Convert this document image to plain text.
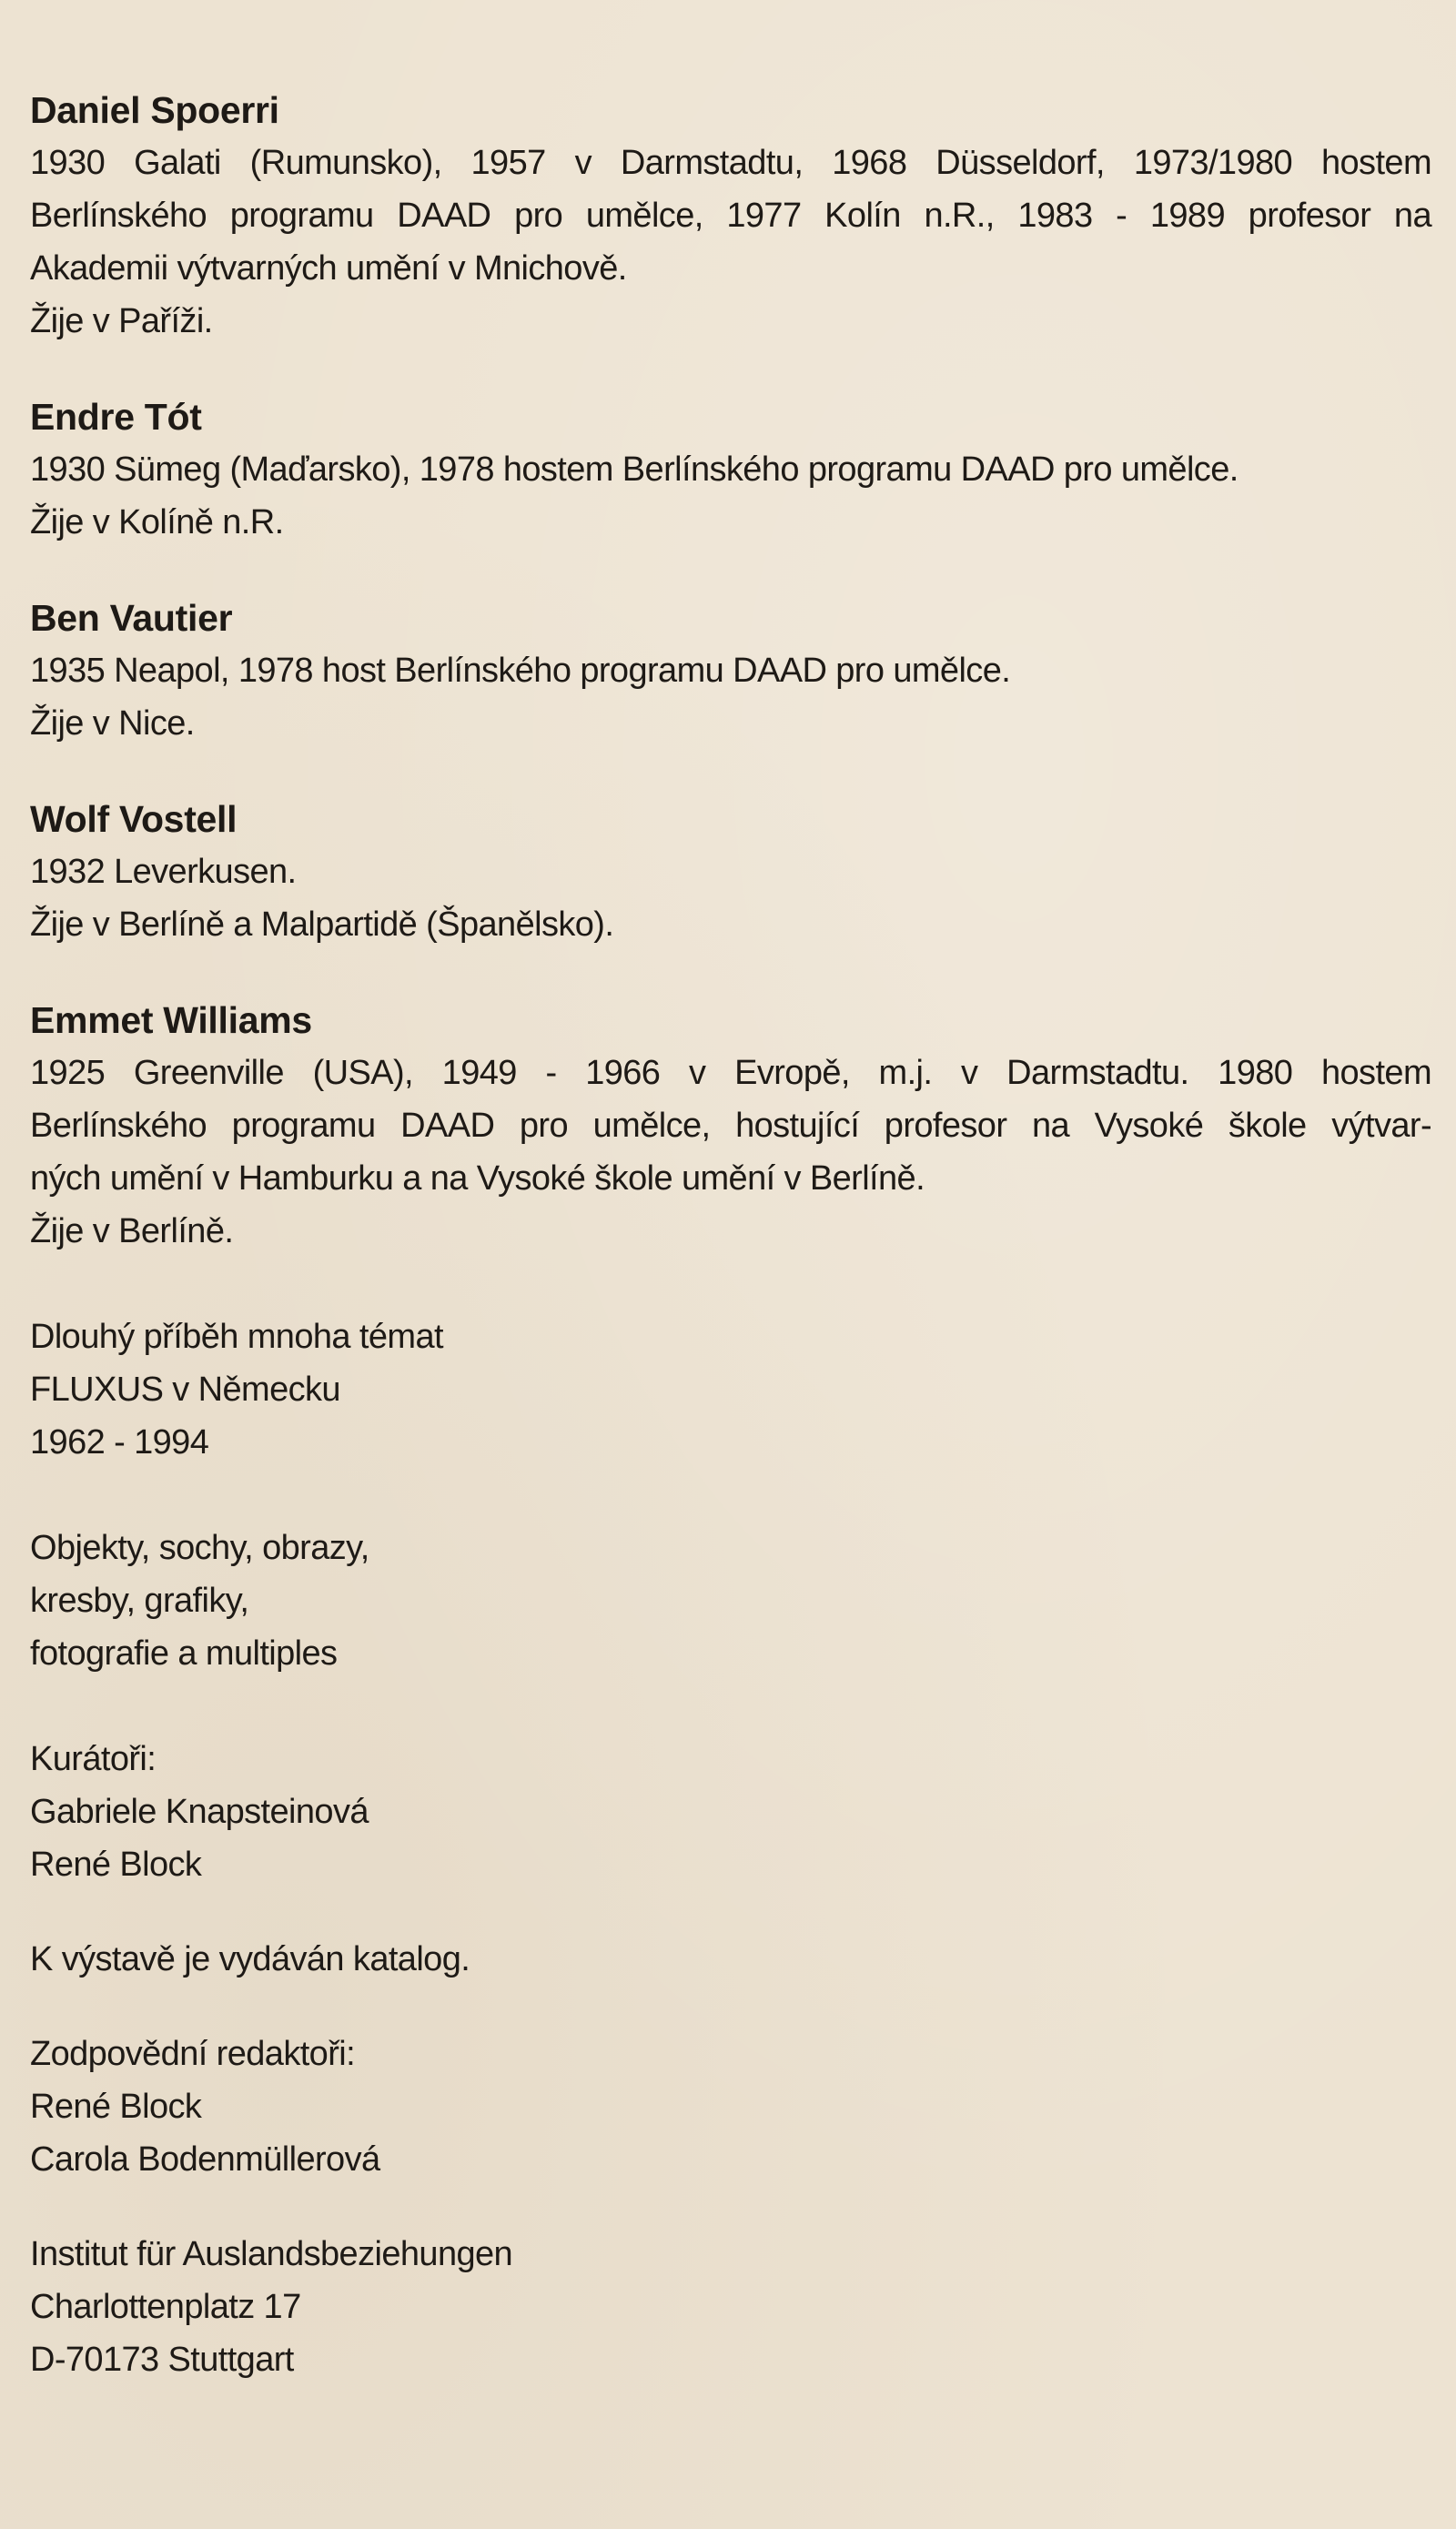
Daniel Spoerri
1930 Galati (Rumunsko), 1957 v Darmstadtu, 1968 Düsseldorf, 1973/1980 hostem
Berlínského programu DAAD pro umělce, 1977 Kolín n.R., 1983 - 1989 profesor na
Akademii výtvarných umění v Mnichově.
Žije v Paříži.
Endre Tót
1930 Sümeg (Maďarsko), 1978 hostem Berlínského programu DAAD pro umělce.
Žije v Kolíně n.R.
Ben Vautier
1935 Neapol, 1978 host Berlínského programu DAAD pro umělce.
Žije v Nice.
Wolf Vostell
1932 Leverkusen.
Žije v Berlíně a Malpartidě (Španělsko).
Emmet Williams
1925 Greenville (USA), 1949 - 1966 v Evropě, m.j. v Darmstadtu. 1980 hostem
Berlínského programu DAAD pro umělce, hostující profesor na Vysoké škole výtvar-
ných umění v Hamburku a na Vysoké škole umění v Berlíně.
Žije v Berlíně.
Dlouhý příběh mnoha témat
FLUXUS v Německu
1962 - 1994
Objekty, sochy, obrazy,
kresby, grafiky,
fotografie a multiples
Kurátoři:
Gabriele Knapsteinová
René Block
K výstavě je vydáván katalog.
Zodpovědní redaktoři:
René Block
Carola Bodenmüllerová
Institut für Auslandsbeziehungen
Charlottenplatz 17
D-70173 Stuttgart
